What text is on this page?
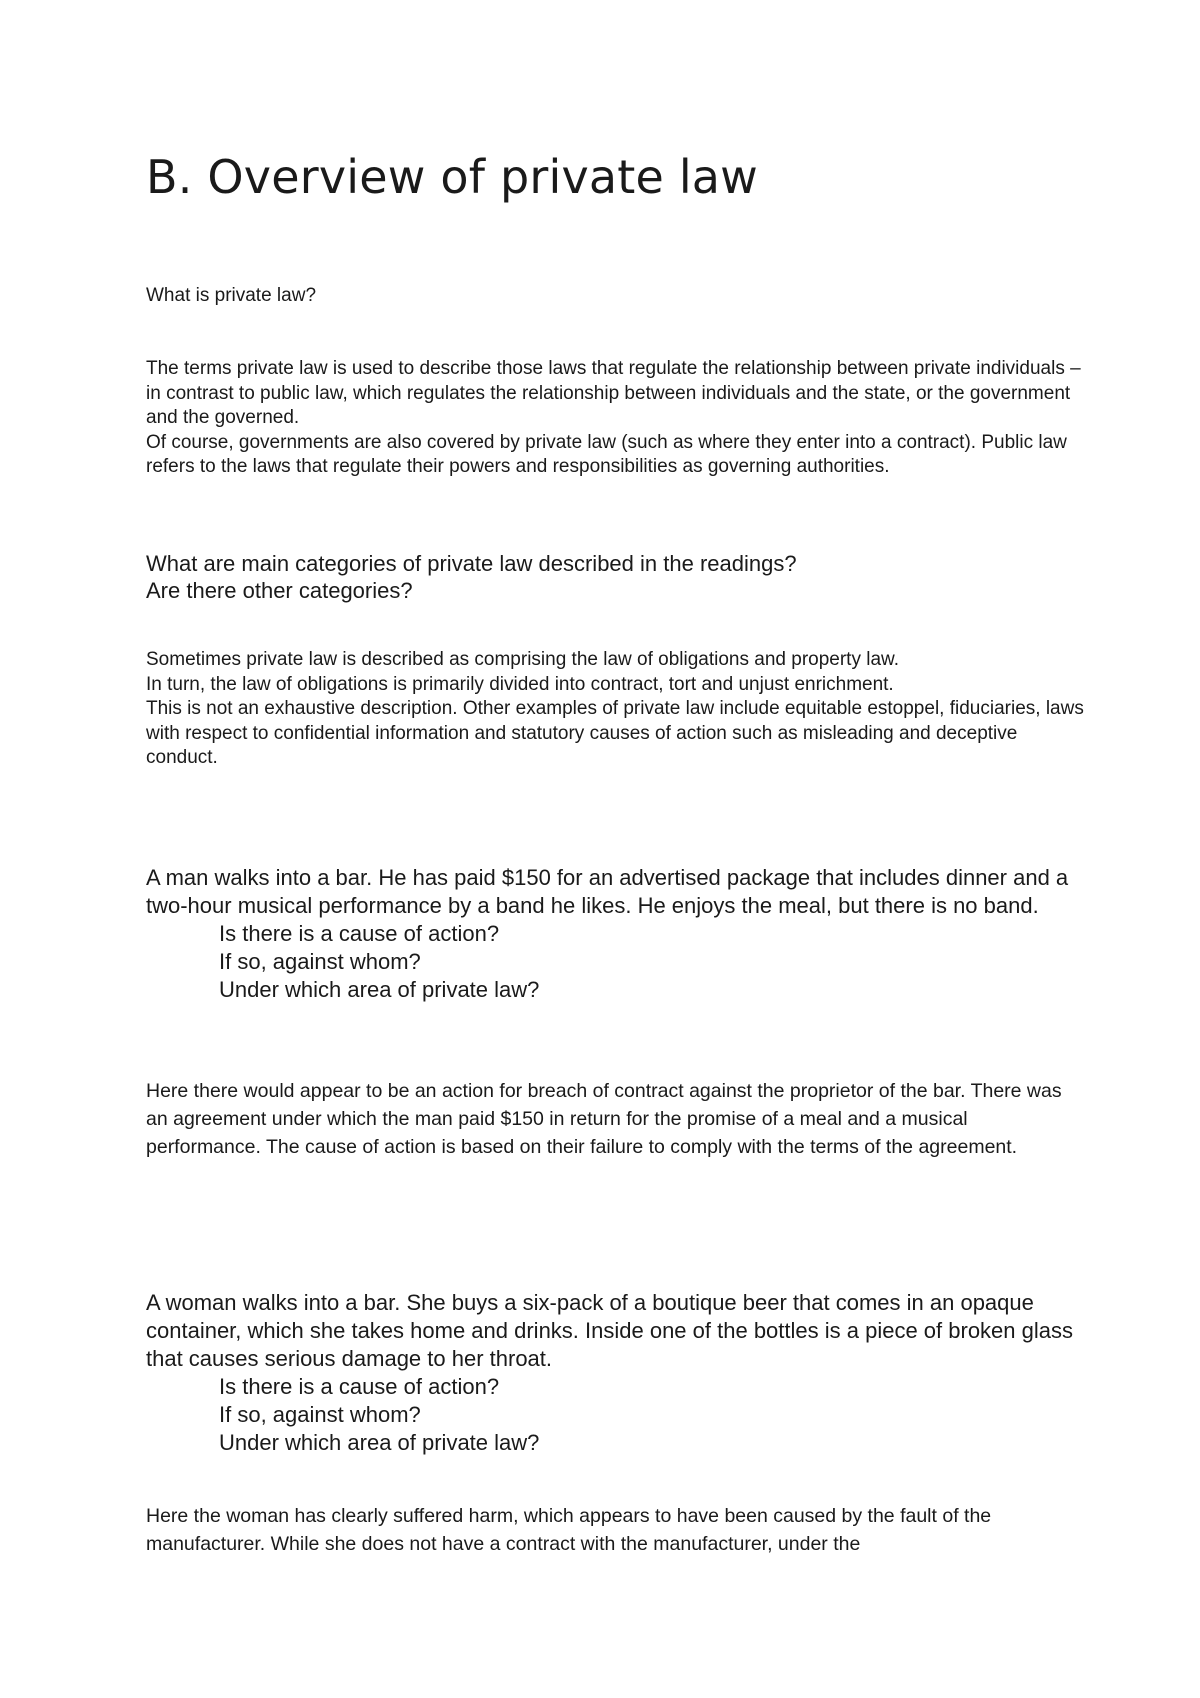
B. Overview of private law

What is private law?

The terms private law is used to describe those laws that regulate the relationship between private individuals – in contrast to public law, which regulates the relationship between individuals and the state, or the government and the governed.
Of course, governments are also covered by private law (such as where they enter into a contract). Public law refers to the laws that regulate their powers and responsibilities as governing authorities.

What are main categories of private law described in the readings?
Are there other categories?

Sometimes private law is described as comprising the law of obligations and property law.
In turn, the law of obligations is primarily divided into contract, tort and unjust enrichment.
This is not an exhaustive description. Other examples of private law include equitable estoppel, fiduciaries, laws with respect to confidential information and statutory causes of action such as misleading and deceptive conduct.

A man walks into a bar. He has paid $150 for an advertised package that includes dinner and a two-hour musical performance by a band he likes. He enjoys the meal, but there is no band.
Is there is a cause of action?
If so, against whom?
Under which area of private law?

Here there would appear to be an action for breach of contract against the proprietor of the bar. There was an agreement under which the man paid $150 in return for the promise of a meal and a musical performance. The cause of action is based on their failure to comply with the terms of the agreement.

A woman walks into a bar. She buys a six-pack of a boutique beer that comes in an opaque container, which she takes home and drinks. Inside one of the bottles is a piece of broken glass that causes serious damage to her throat.
Is there is a cause of action?
If so, against whom?
Under which area of private law?

Here the woman has clearly suffered harm, which appears to have been caused by the fault of the manufacturer. While she does not have a contract with the manufacturer, under the
